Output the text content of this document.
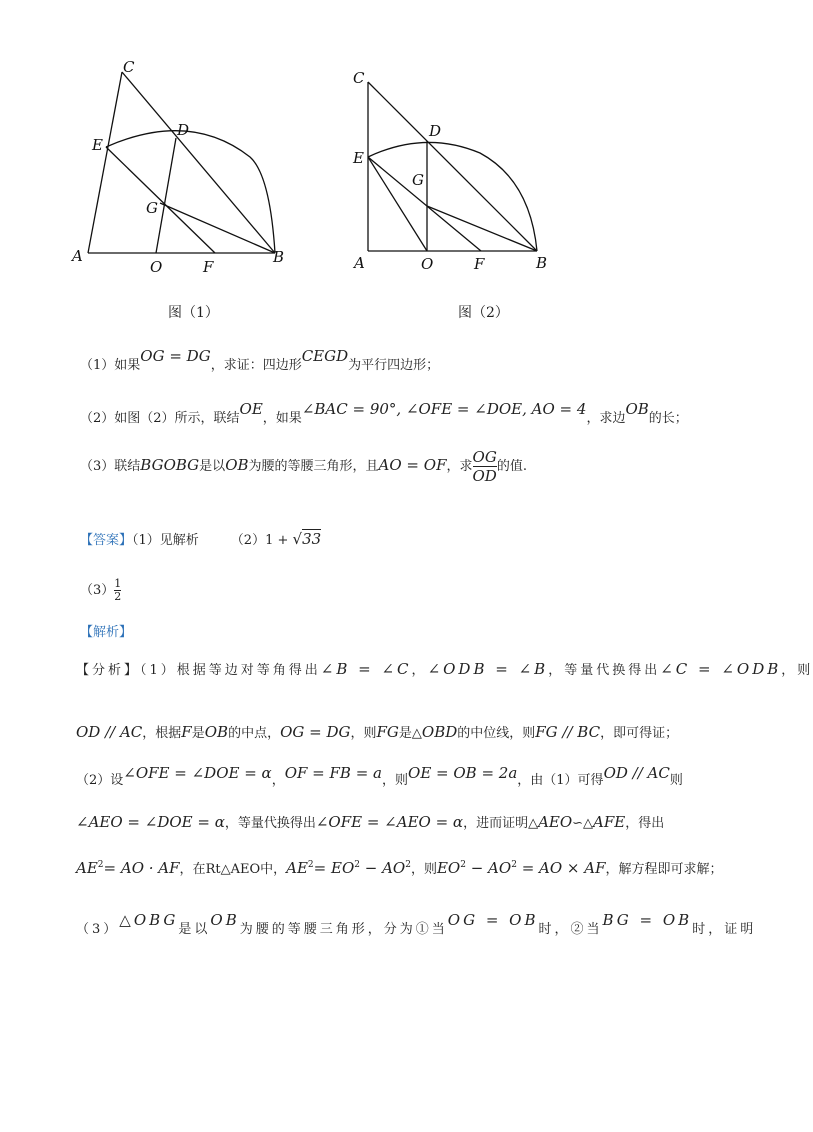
A
O	F
B
C
D
E
G
图（1）
A	O	F	B
C
D
E
G
图（2）
（1）如果OG = DG，求证：四边形CEGD为平行四边形；
（2）如图（2）所示，联结OE，如果∠BAC = 90°, ∠OFE = ∠DOE, AO = 4，求边OB的长；
（3）联结BGOBG是以OB为腰的等腰三角形，且AO = OF，求 $\frac{OG}{OD}$ 的值.
【答案】（1）见解析 （2）1 + √33
$(3) \frac{1}{2}$
【解析】
【分析】（1）根据等边对等角得出∠B = ∠C，∠ODB = ∠B，等量代换得出∠C = ∠ODB，则
OD // AC，根据F是OB的中点，OG = DG，则FG是△OBD的中位线，则FG // BC，即可得证；
（2）设∠OFE = ∠DOE = α，OF = FB = a，则OE = OB = 2a，由（1）可得OD // AC则
∠AEO = ∠DOE = α，等量代换得出∠OFE = ∠AEO = α，进而证明△AEO∽△AFE，得出
$AE^2=$ AO · AF，在Rt△AEO中，$AE^2= EO^2 - AO^2$，则$EO^2 - AO^2$ = AO × AF，解方程即可求解；
（3）△OBG是以OB为腰的等腰三角形，分为①当OG = OB时，②当BG = OB时，证明
